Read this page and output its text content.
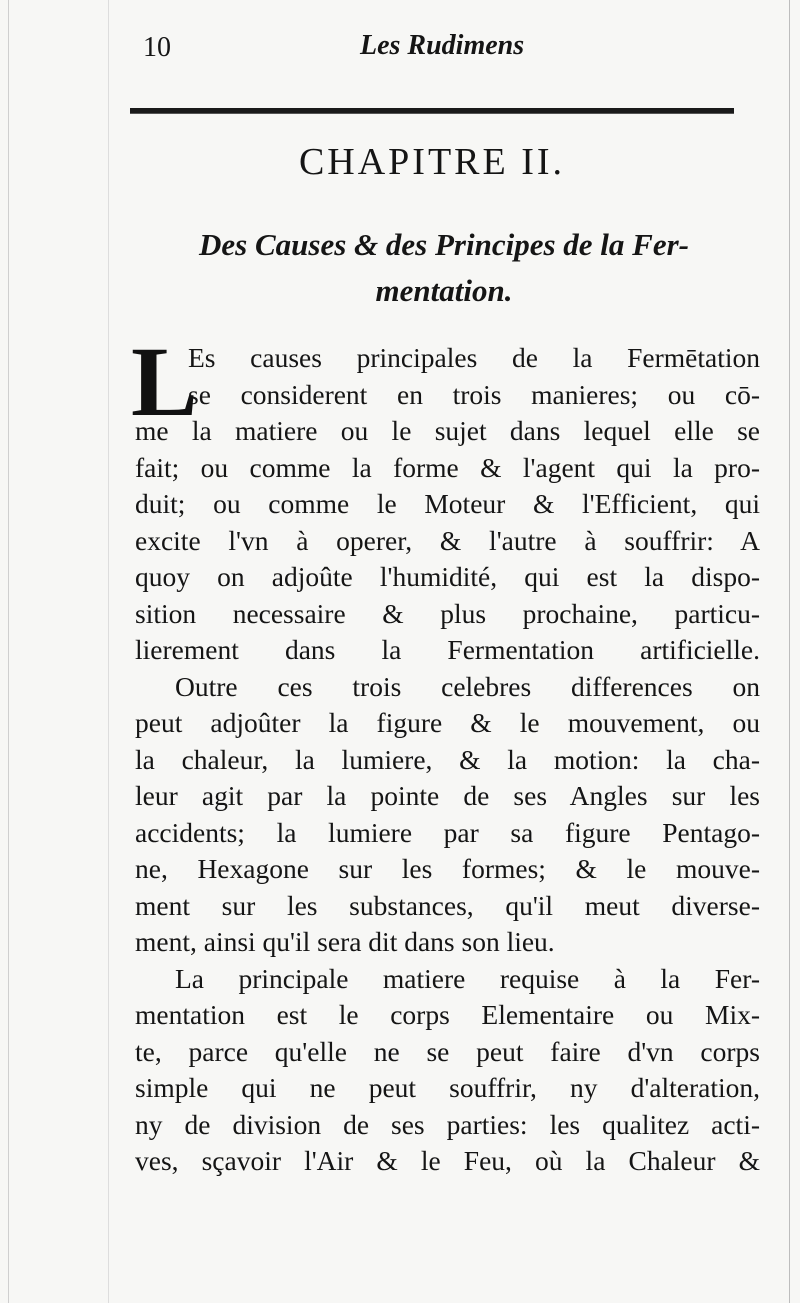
10	Les Rudimens
CHAPITRE II.
Des Causes & des Principes de la Fer-
mentation.
L
Es causes principales de la Fermētation
se considerent en trois manieres; ou cō-
me la matiere ou le sujet dans lequel elle se
fait; ou comme la forme & l'agent qui la pro-
duit; ou comme le Moteur & l'Efficient, qui
excite l'vn à operer, & l'autre à souffrir: A
quoy on adjoûte l'humidité, qui est la dispo-
sition necessaire & plus prochaine, particu-
lierement dans la Fermentation artificielle.
Outre ces trois celebres differences on
peut adjoûter la figure & le mouvement, ou
la chaleur, la lumiere, & la motion: la cha-
leur agit par la pointe de ses Angles sur les
accidents; la lumiere par sa figure Pentago-
ne, Hexagone sur les formes; & le mouve-
ment sur les substances, qu'il meut diverse-
ment, ainsi qu'il sera dit dans son lieu.
La principale matiere requise à la Fer-
mentation est le corps Elementaire ou Mix-
te, parce qu'elle ne se peut faire d'vn corps
simple qui ne peut souffrir, ny d'alteration,
ny de division de ses parties: les qualitez acti-
ves, sçavoir l'Air & le Feu, où la Chaleur &
